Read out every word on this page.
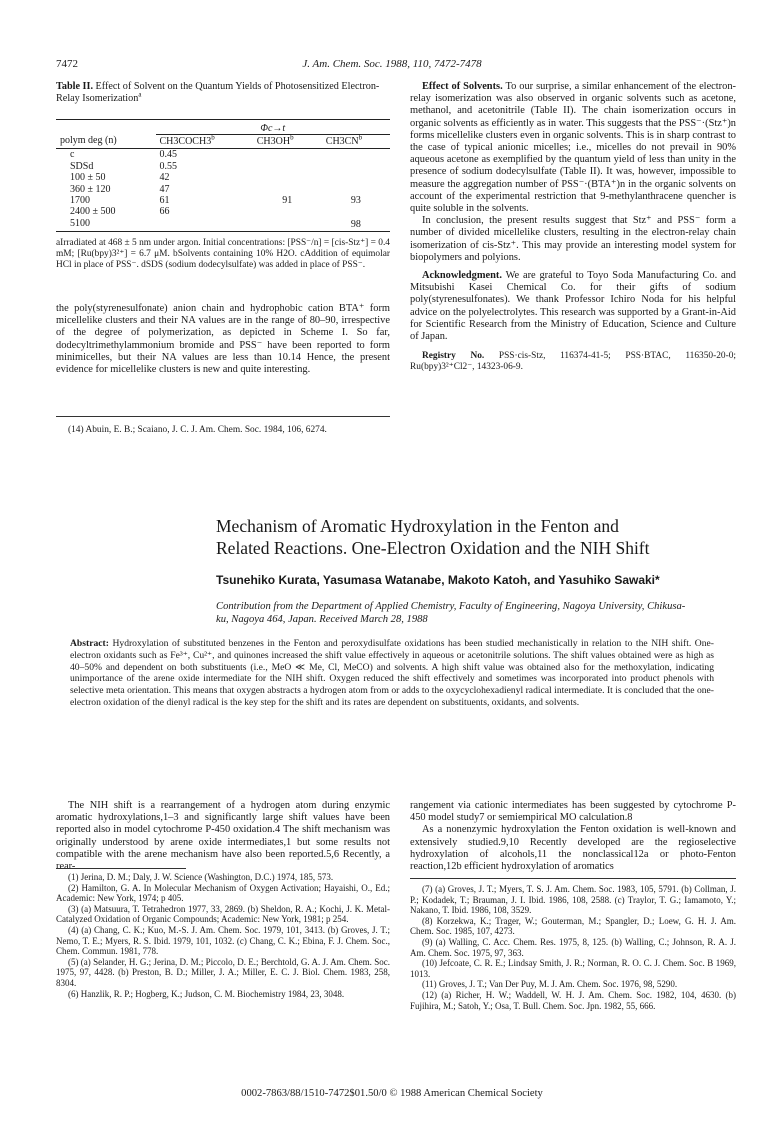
7472	J. Am. Chem. Soc. 1988, 110, 7472-7478
Table II. Effect of Solvent on the Quantum Yields of Photosensitized Electron-Relay Isomerization$^a$
	Φc→t		
polym deg (n)	CH3COCH3$^b$	$CH3OH^b$	$CH3CN^b$
c	0.45		
SDSd	0.55		
100 ± 50	42		
360 ± 120	47		
1700	61	91	93
2400 ± 500	66		
5100			98
aIrradiated at 468 ± 5 nm under argon. Initial concentrations: [PSS⁻/n] = [cis-Stz⁺] = 0.4 mM; [Ru(bpy)3²⁺] = 6.7 μM. bSolvents containing 10% H2O. cAddition of equimolar HCl in place of PSS⁻. dSDS (sodium dodecylsulfate) was added in place of PSS⁻.

the poly(styrenesulfonate) anion chain and hydrophobic cation BTA⁺ form micellelike clusters and their NA values are in the range of 80–90, irrespective of the degree of polymerization, as depicted in Scheme I. So far, dodecyltrimethylammonium bromide and PSS⁻ have been reported to form minimicelles, but their NA values are less than 10.14 Hence, the present evidence for micellelike clusters is new and quite interesting.

(14) Abuin, E. B.; Scaiano, J. C. J. Am. Chem. Soc. 1984, 106, 6274.

Effect of Solvents. To our surprise, a similar enhancement of the electron-relay isomerization was also observed in organic solvents such as acetone, methanol, and acetonitrile (Table II). The chain isomerization occurs in organic solvents as efficiently as in water. This suggests that the PSS⁻·(Stz⁺)n forms micellelike clusters even in organic solvents. This is in sharp contrast to the case of typical anionic micelles; i.e., micelles do not prevail in 90% aqueous acetone as exemplified by the quantum yield of less than unity in the presence of sodium dodecylsulfate (Table II). It was, however, impossible to measure the aggregation number of PSS⁻·(BTA⁺)n in the organic solvents on account of the experimental restriction that 9-methylanthracene quencher is quite soluble in the solvents.

In conclusion, the present results suggest that Stz⁺ and PSS⁻ form a number of divided micellelike clusters, resulting in the electron-relay chain isomerization of cis-Stz⁺. This may provide an interesting model system for biopolymers and polyions.

Acknowledgment. We are grateful to Toyo Soda Manufacturing Co. and Mitsubishi Kasei Chemical Co. for their gifts of sodium poly(styrenesulfonates). We thank Professor Ichiro Noda for his helpful advice on the polyelectrolytes. This research was supported by a Grant-in-Aid for Scientific Research from the Ministry of Education, Science and Culture of Japan.

Registry No. PSS·cis-Stz, 116374-41-5; PSS·BTAC, 116350-20-0; Ru(bpy)3²⁺Cl2⁻, 14323-06-9.

Mechanism of Aromatic Hydroxylation in the Fenton and
Related Reactions. One-Electron Oxidation and the NIH Shift
Tsunehiko Kurata, Yasumasa Watanabe, Makoto Katoh, and Yasuhiko Sawaki*
Contribution from the Department of Applied Chemistry, Faculty of Engineering, Nagoya University, Chikusa-ku, Nagoya 464, Japan. Received March 28, 1988
Abstract: Hydroxylation of substituted benzenes in the Fenton and peroxydisulfate oxidations has been studied mechanistically in relation to the NIH shift. One-electron oxidants such as Fe³⁺, Cu²⁺, and quinones increased the shift value effectively in aqueous or acetonitrile solutions. The shift values obtained were as high as 40–50% and dependent on both substituents (i.e., MeO ≪ Me, Cl, MeCO) and solvents. A high shift value was obtained also for the methoxylation, indicating unimportance of the arene oxide intermediate for the NIH shift. Oxygen reduced the shift effectively and sometimes was incorporated into product phenols with selective meta orientation. This means that oxygen abstracts a hydrogen atom from or adds to the oxycyclohexadienyl radical intermediate. It is concluded that the one-electron oxidation of the dienyl radical is the key step for the shift and its rates are dependent on substituents, oxidants, and solvents.

The NIH shift is a rearrangement of a hydrogen atom during enzymic aromatic hydroxylations,1–3 and significantly large shift values have been reported also in model cytochrome P-450 oxidation.4 The shift mechanism was originally understood by arene oxide intermediates,1 but some results not compatible with the arene mechanism have also been reported.5,6 Recently, a rear-

rangement via cationic intermediates has been suggested by cytochrome P-450 model study7 or semiempirical MO calculation.8

As a nonenzymic hydroxylation the Fenton oxidation is well-known and extensively studied.9,10 Recently developed are the regioselective hydroxylation of alcohols,11 the nonclassical12a or photo-Fenton reaction,12b efficient hydroxylation of aromatics

(1) Jerina, D. M.; Daly, J. W. Science (Washington, D.C.) 1974, 185, 573.

(2) Hamilton, G. A. In Molecular Mechanism of Oxygen Activation; Hayaishi, O., Ed.; Academic: New York, 1974; p 405.

(3) (a) Matsuura, T. Tetrahedron 1977, 33, 2869. (b) Sheldon, R. A.; Kochi, J. K. Metal-Catalyzed Oxidation of Organic Compounds; Academic: New York, 1981; p 254.

(4) (a) Chang, C. K.; Kuo, M.-S. J. Am. Chem. Soc. 1979, 101, 3413. (b) Groves, J. T.; Nemo, T. E.; Myers, R. S. Ibid. 1979, 101, 1032. (c) Chang, C. K.; Ebina, F. J. Chem. Soc., Chem. Commun. 1981, 778.

(5) (a) Selander, H. G.; Jerina, D. M.; Piccolo, D. E.; Berchtold, G. A. J. Am. Chem. Soc. 1975, 97, 4428. (b) Preston, B. D.; Miller, J. A.; Miller, E. C. J. Biol. Chem. 1983, 258, 8304.

(6) Hanzlik, R. P.; Hogberg, K.; Judson, C. M. Biochemistry 1984, 23, 3048.

(7) (a) Groves, J. T.; Myers, T. S. J. Am. Chem. Soc. 1983, 105, 5791. (b) Collman, J. P.; Kodadek, T.; Brauman, J. I. Ibid. 1986, 108, 2588. (c) Traylor, T. G.; Iamamoto, Y.; Nakano, T. Ibid. 1986, 108, 3529.

(8) Korzekwa, K.; Trager, W.; Gouterman, M.; Spangler, D.; Loew, G. H. J. Am. Chem. Soc. 1985, 107, 4273.

(9) (a) Walling, C. Acc. Chem. Res. 1975, 8, 125. (b) Walling, C.; Johnson, R. A. J. Am. Chem. Soc. 1975, 97, 363.

(10) Jefcoate, C. R. E.; Lindsay Smith, J. R.; Norman, R. O. C. J. Chem. Soc. B 1969, 1013.

(11) Groves, J. T.; Van Der Puy, M. J. Am. Chem. Soc. 1976, 98, 5290.

(12) (a) Richer, H. W.; Waddell, W. H. J. Am. Chem. Soc. 1982, 104, 4630. (b) Fujihira, M.; Satoh, Y.; Osa, T. Bull. Chem. Soc. Jpn. 1982, 55, 666.

0002-7863/88/1510-7472$01.50/0 © 1988 American Chemical Society
